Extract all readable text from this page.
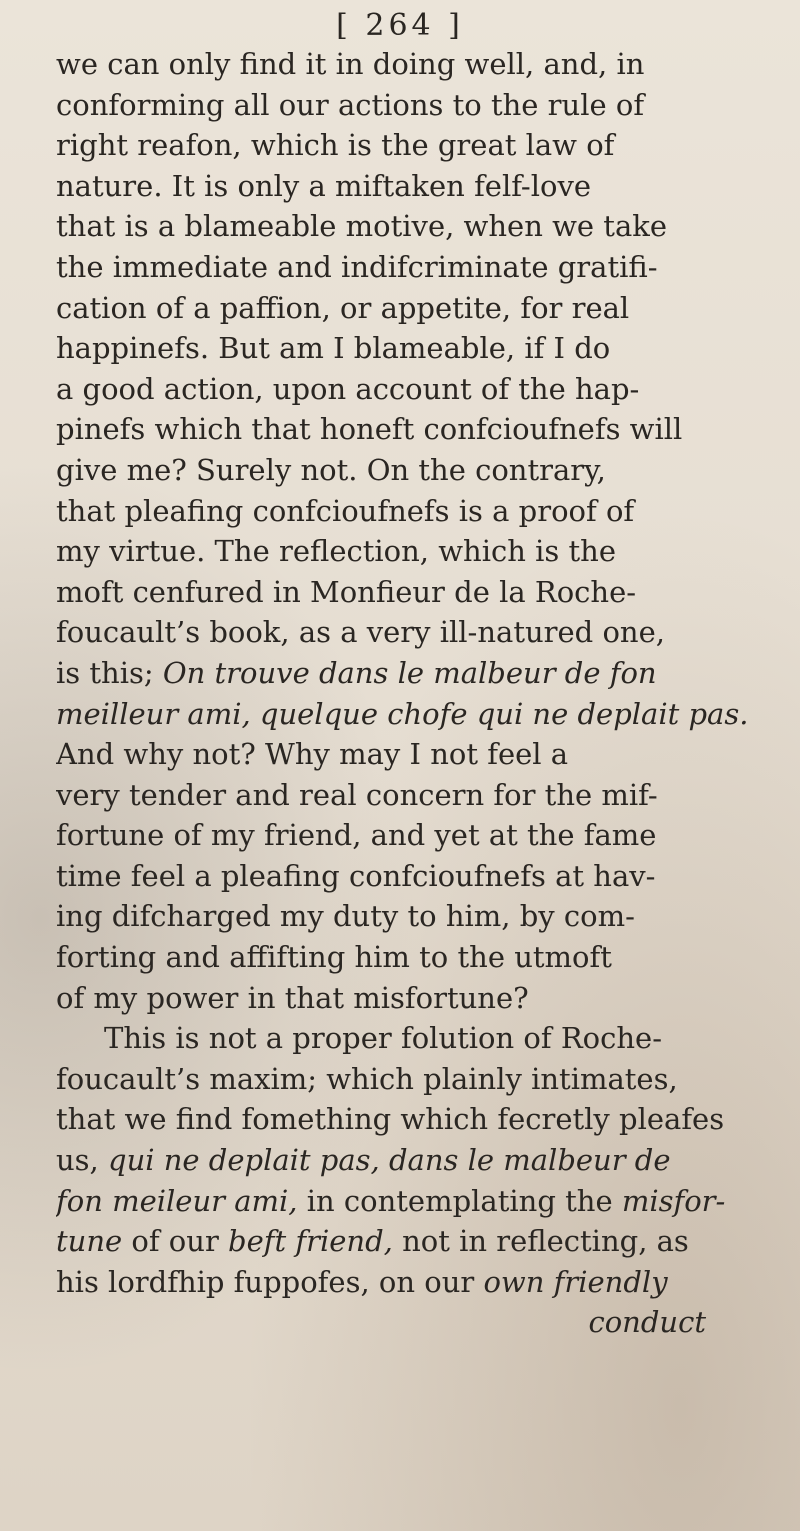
[ 264 ]
we can only find it in doing well, and, in
conforming all our actions to the rule of
right reafon, which is the great law of
nature. It is only a miftaken felf-love
that is a blameable motive, when we take
the immediate and indifcriminate gratifi-
cation of a paffion, or appetite, for real
happinefs. But am I blameable, if I do
a good action, upon account of the hap-
pinefs which that honeft confcioufnefs will
give me? Surely not. On the contrary,
that pleafing confcioufnefs is a proof of
my virtue. The reflection, which is the
moft cenfured in Monfieur de la Roche-
foucault’s book, as a very ill-natured one,
is this; On trouve dans le malbeur de fon
meilleur ami, quelque chofe qui ne deplait pas.
And why not? Why may I not feel a
very tender and real concern for the mif-
fortune of my friend, and yet at the fame
time feel a pleafing confcioufnefs at hav-
ing difcharged my duty to him, by com-
forting and affifting him to the utmoft
of my power in that misfortune?
This is not a proper folution of Roche-
foucault’s maxim; which plainly intimates,
that we find fomething which fecretly pleafes
us, qui ne deplait pas, dans le malbeur de
fon meileur ami, in contemplating the misfor-
tune of our beft friend, not in reflecting, as
his lordfhip fuppofes, on our own friendly
conduct
